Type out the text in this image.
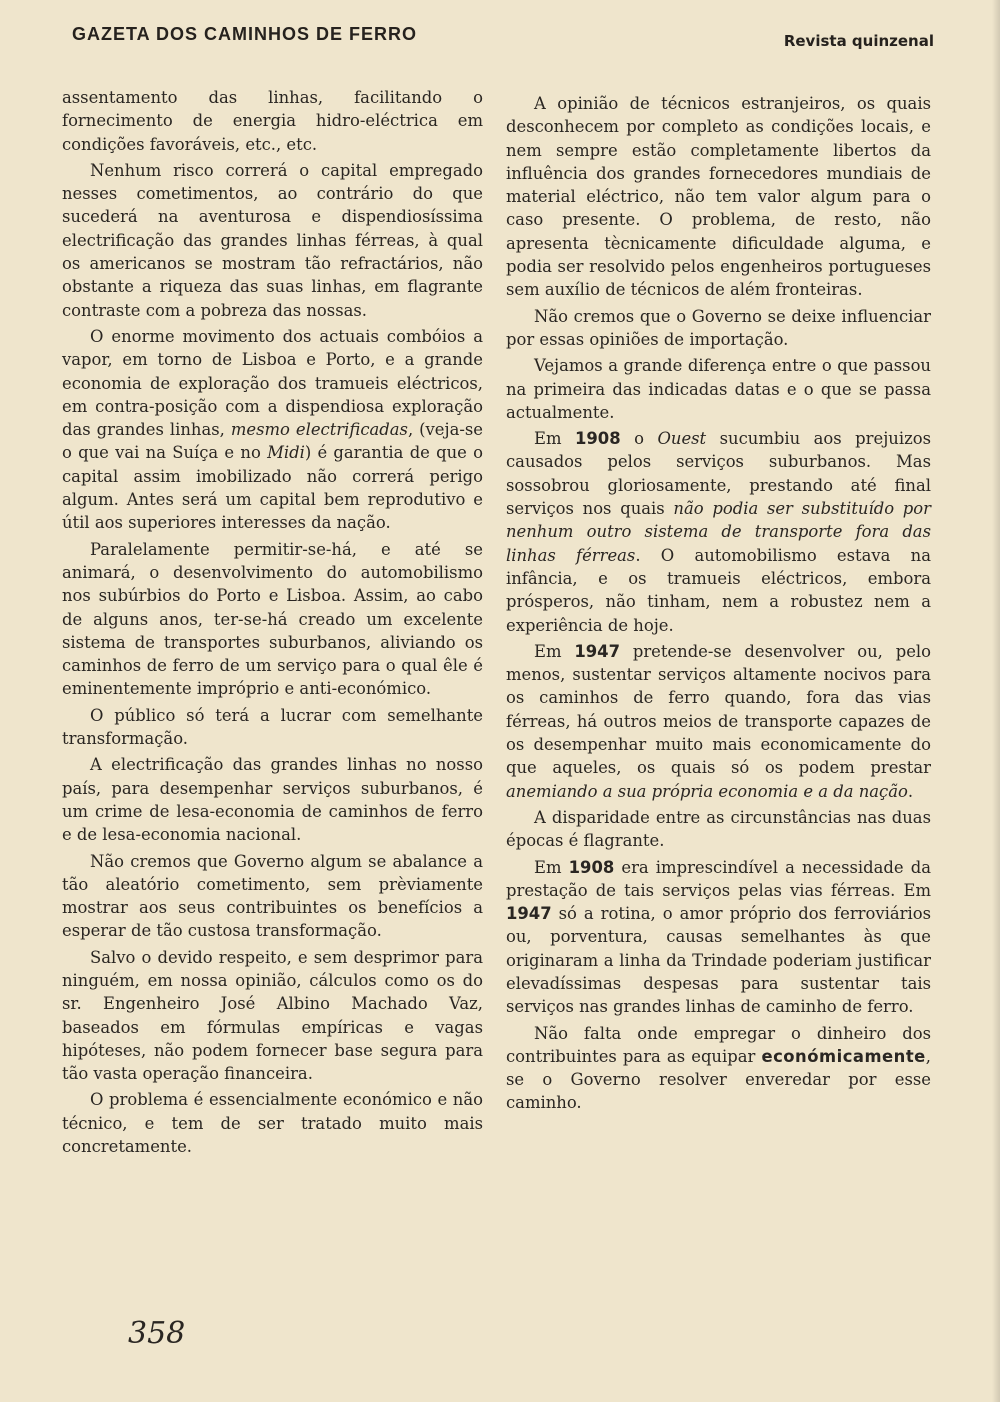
GAZETA DOS CAMINHOS DE FERRO	Revista quinzenal

assentamento das linhas, facilitando o fornecimento de energia hidro-eléctrica em condições favoráveis, etc., etc.

Nenhum risco correrá o capital empregado nesses cometimentos, ao contrário do que sucederá na aventurosa e dispendiosíssima electrificação das grandes linhas férreas, à qual os americanos se mostram tão refractários, não obstante a riqueza das suas linhas, em flagrante contraste com a pobreza das nossas.

O enorme movimento dos actuais combóios a vapor, em torno de Lisboa e Porto, e a grande economia de exploração dos tramueis eléctricos, em contra-posição com a dispendiosa exploração das grandes linhas, mesmo electrificadas, (veja-se o que vai na Suíça e no Midi) é garantia de que o capital assim imobilizado não correrá perigo algum. Antes será um capital bem reprodutivo e útil aos superiores interesses da nação.

Paralelamente permitir-se-há, e até se animará, o desenvolvimento do automobilismo nos subúrbios do Porto e Lisboa. Assim, ao cabo de alguns anos, ter-se-há creado um excelente sistema de transportes suburbanos, aliviando os caminhos de ferro de um serviço para o qual êle é eminentemente impróprio e anti-económico.

O público só terá a lucrar com semelhante transformação.

A electrificação das grandes linhas no nosso país, para desempenhar serviços suburbanos, é um crime de lesa-economia de caminhos de ferro e de lesa-economia nacional.

Não cremos que Governo algum se abalance a tão aleatório cometimento, sem prèviamente mostrar aos seus contribuintes os benefícios a esperar de tão custosa transformação.

Salvo o devido respeito, e sem desprimor para ninguém, em nossa opinião, cálculos como os do sr. Engenheiro José Albino Machado Vaz, baseados em fórmulas empíricas e vagas hipóteses, não podem fornecer base segura para tão vasta operação financeira.

O problema é essencialmente económico e não técnico, e tem de ser tratado muito mais concretamente.

A opinião de técnicos estranjeiros, os quais desconhecem por completo as condições locais, e nem sempre estão completamente libertos da influência dos grandes fornecedores mundiais de material eléctrico, não tem valor algum para o caso presente. O problema, de resto, não apresenta tècnicamente dificuldade alguma, e podia ser resolvido pelos engenheiros portugueses sem auxílio de técnicos de além fronteiras.

Não cremos que o Governo se deixe influenciar por essas opiniões de importação.

Vejamos a grande diferença entre o que passou na primeira das indicadas datas e o que se passa actualmente.

Em 1908 o Ouest sucumbiu aos prejuizos causados pelos serviços suburbanos. Mas sossobrou gloriosamente, prestando até final serviços nos quais não podia ser substituído por nenhum outro sistema de transporte fora das linhas férreas. O automobilismo estava na infância, e os tramueis eléctricos, embora prósperos, não tinham, nem a robustez nem a experiência de hoje.

Em 1947 pretende-se desenvolver ou, pelo menos, sustentar serviços altamente nocivos para os caminhos de ferro quando, fora das vias férreas, há outros meios de transporte capazes de os desempenhar muito mais economicamente do que aqueles, os quais só os podem prestar anemiando a sua própria economia e a da nação.

A disparidade entre as circunstâncias nas duas épocas é flagrante.

Em 1908 era imprescindível a necessidade da prestação de tais serviços pelas vias férreas. Em 1947 só a rotina, o amor próprio dos ferroviários ou, porventura, causas semelhantes às que originaram a linha da Trindade poderiam justificar elevadíssimas despesas para sustentar tais serviços nas grandes linhas de caminho de ferro.

Não falta onde empregar o dinheiro dos contribuintes para as equipar económicamente, se o Governo resolver enveredar por esse caminho.

358
